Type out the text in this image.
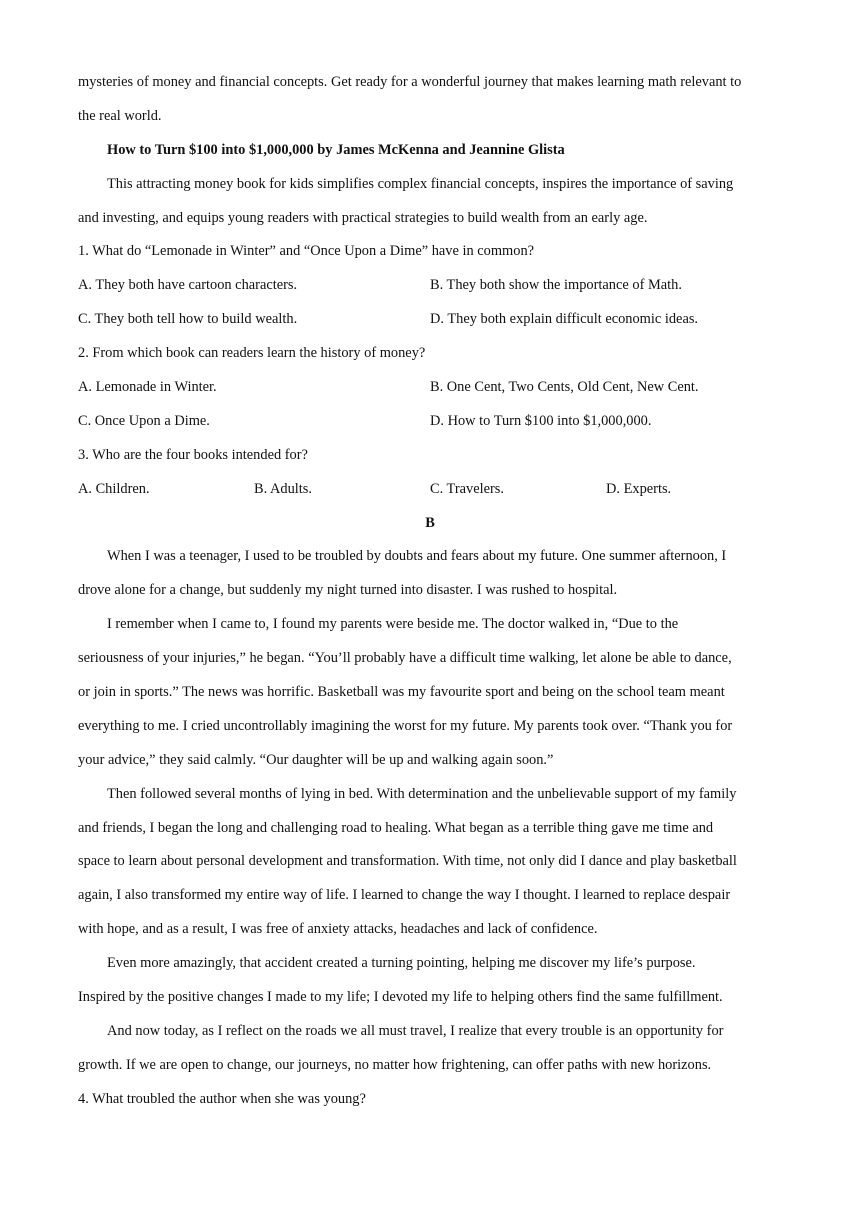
mysteries of money and financial concepts. Get ready for a wonderful journey that makes learning math relevant to
the real world.
How to Turn $100 into $1,000,000 by James McKenna and Jeannine Glista
This attracting money book for kids simplifies complex financial concepts, inspires the importance of saving
and investing, and equips young readers with practical strategies to build wealth from an early age.
1. What do “Lemonade in Winter” and “Once Upon a Dime” have in common?
A. They both have cartoon characters.	B. They both show the importance of Math.
C. They both tell how to build wealth.	D. They both explain difficult economic ideas.
2. From which book can readers learn the history of money?
A. Lemonade in Winter.	B. One Cent, Two Cents, Old Cent, New Cent.
C. Once Upon a Dime.	D. How to Turn $100 into $1,000,000.
3. Who are the four books intended for?
A. Children.	B. Adults.	C. Travelers.	D. Experts.
B
When I was a teenager, I used to be troubled by doubts and fears about my future. One summer afternoon, I
drove alone for a change, but suddenly my night turned into disaster. I was rushed to hospital.
I remember when I came to, I found my parents were beside me. The doctor walked in, “Due to the
seriousness of your injuries,” he began. “You’ll probably have a difficult time walking, let alone be able to dance,
or join in sports.” The news was horrific. Basketball was my favourite sport and being on the school team meant
everything to me. I cried uncontrollably imagining the worst for my future. My parents took over. “Thank you for
your advice,” they said calmly. “Our daughter will be up and walking again soon.”
Then followed several months of lying in bed. With determination and the unbelievable support of my family
and friends, I began the long and challenging road to healing. What began as a terrible thing gave me time and
space to learn about personal development and transformation. With time, not only did I dance and play basketball
again, I also transformed my entire way of life. I learned to change the way I thought. I learned to replace despair
with hope, and as a result, I was free of anxiety attacks, headaches and lack of confidence.
Even more amazingly, that accident created a turning pointing, helping me discover my life’s purpose.
Inspired by the positive changes I made to my life; I devoted my life to helping others find the same fulfillment.
And now today, as I reflect on the roads we all must travel, I realize that every trouble is an opportunity for
growth. If we are open to change, our journeys, no matter how frightening, can offer paths with new horizons.
4. What troubled the author when she was young?
